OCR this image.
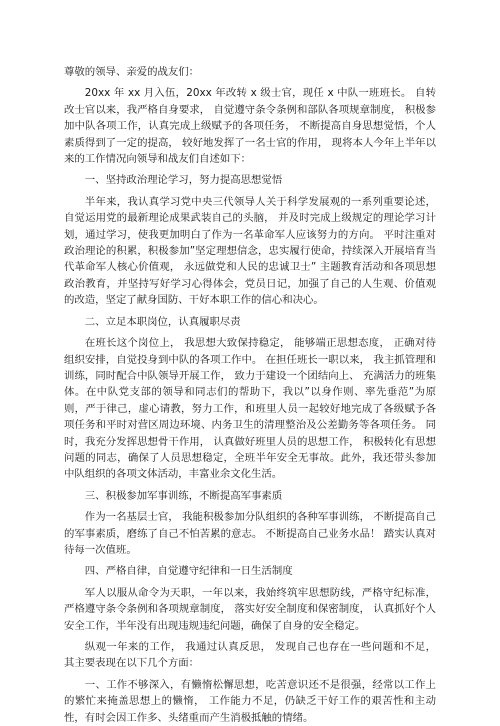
尊敬的领导、亲爱的战友们：

20xx 年 xx 月入伍，20xx 年改转 x 级士官，现任 x 中队一班班长。 自转改士官以来，我严格自身要求， 自觉遵守条令条例和部队各项规章制度， 积极参加中队各项工作，认真完成上级赋予的各项任务， 不断提高自身思想觉悟，个人素质得到了一定的提高， 较好地发挥了一名士官的作用， 现将本人今年上半年以来的工作情况向领导和战友们自述如下：

一、坚持政治理论学习，努力提高思想觉悟

半年来，我认真学习党中央三代领导人关于科学发展观的一系列重要论述，自觉运用党的最新理论成果武装自己的头脑， 并及时完成上级规定的理论学习计划，通过学习，使我更加明白了作为一名革命军人应该努力的方向。 平时注重对政治理论的积累，积极参加”坚定理想信念，忠实履行使命，持续深入开展培育当代革命军人核心价值观， 永远做党和人民的忠诚卫士” 主题教育活动和各项思想政治教育，并坚持写好学习心得体会，党员日记，加强了自己的人生观、价值观的改造，坚定了献身国防、干好本职工作的信心和决心。

二、立足本职岗位，认真履职尽责

在班长这个岗位上， 我思想大致保持稳定， 能够端正思想态度， 正确对待组织安排，自觉投身到中队的各项工作中。 在担任班长一职以来， 我主抓管理和训练，同时配合中队领导开展工作， 致力于建设一个团结向上、 充满活力的班集体。在中队党支部的领导和同志们的帮助下，我以”以身作则、率先垂范”为原则，严于律己，虚心请教，努力工作，和班里人员一起较好地完成了各级赋予各项任务和平时对营区周边环境、内务卫生的清理整治及公差勤务等各项任务。 同时，我充分发挥思想骨干作用， 认真做好班里人员的思想工作， 积极转化有思想问题的同志，确保了人员思想稳定，全班半年安全无事故。此外，我还带头参加中队组织的各项文体活动，丰富业余文化生活。

三、积极参加军事训练，不断提高军事素质

作为一名基层士官， 我能积极参加分队组织的各种军事训练， 不断提高自己的军事素质，磨练了自己不怕苦累的意志。 不断提高自己业务水品！ 踏实认真对待每一次值班。

四、严格自律，自觉遵守纪律和一日生活制度

军人以服从命令为天职，一年以来，我始终筑牢思想防线，严格守纪标准，严格遵守条令条例和各项规章制度， 落实好安全制度和保密制度， 认真抓好个人安全工作，半年没有出现违规违纪问题，确保了自身的安全稳定。

纵观一年来的工作， 我通过认真反思， 发现自己也存在一些问题和不足， 其主要表现在以下几个方面：

一、工作不够深入，有懒惰松懈思想，吃苦意识还不是很强，经常以工作上的繁忙来掩盖思想上的懒惰， 工作能力不足，仍缺乏干好工作的艰苦性和主动性，有时会因工作多、头绪重而产生消极抵触的情绪。
